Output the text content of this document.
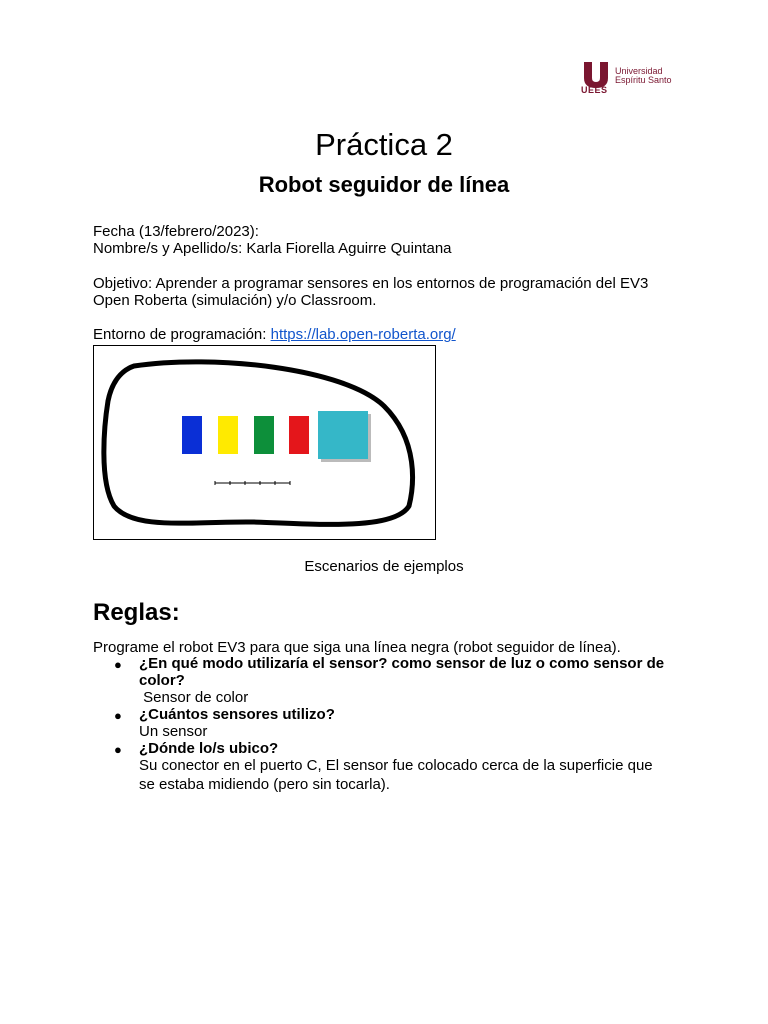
UEES
Universidad
Espíritu Santo
Práctica 2
Robot seguidor de línea
Fecha (13/febrero/2023):
Nombre/s y Apellido/s: Karla Fiorella Aguirre Quintana
Objetivo: Aprender a programar sensores en los entornos de programación del EV3
Open Roberta (simulación) y/o Classroom.
Entorno de programación: https://lab.open-roberta.org/
Escenarios de ejemplos
Reglas:
Programe el robot EV3 para que siga una línea negra (robot seguidor de línea).
● ¿En qué modo utilizaría el sensor? como sensor de luz o como sensor de
color?
Sensor de color
● ¿Cuántos sensores utilizo?
Un sensor
● ¿Dónde lo/s ubico?
Su conector en el puerto C, El sensor fue colocado cerca de la superficie que
se estaba midiendo (pero sin tocarla).
